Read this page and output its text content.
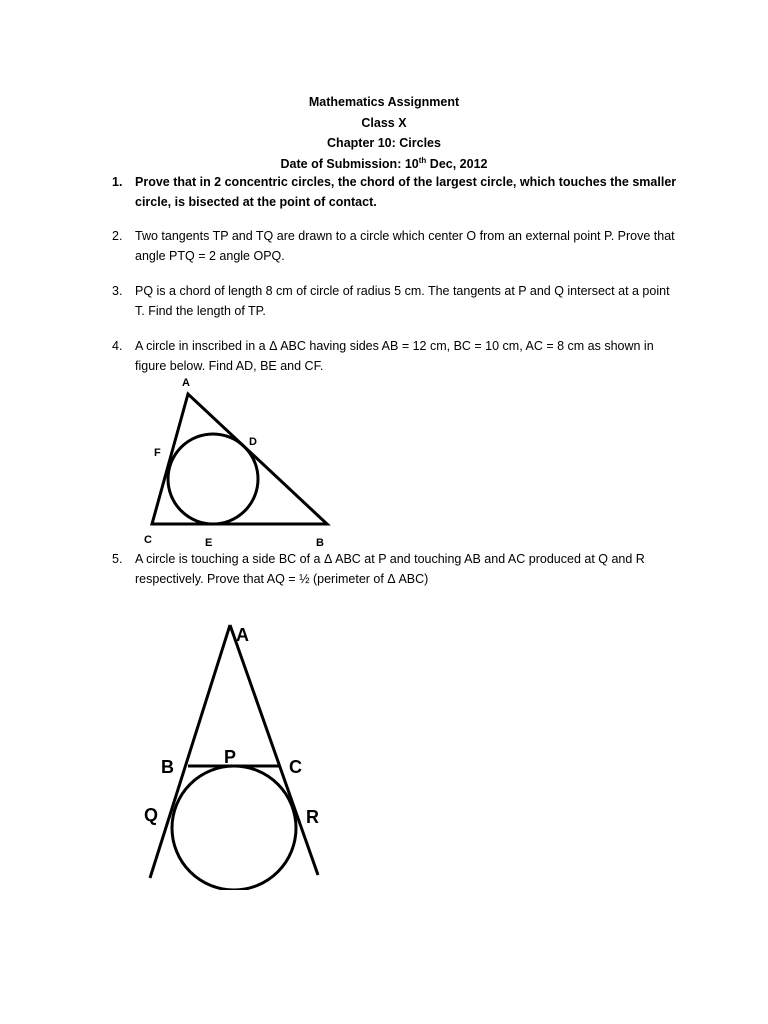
Mathematics Assignment
Class X
Chapter 10: Circles
Date of Submission: 10th Dec, 2012
1. Prove that in 2 concentric circles, the chord of the largest circle, which touches the smaller circle, is bisected at the point of contact.
2. Two tangents TP and TQ are drawn to a circle which center O from an external point P. Prove that angle PTQ = 2 angle OPQ.
3. PQ is a chord of length 8 cm of circle of radius 5 cm. The tangents at P and Q intersect at a point T. Find the length of TP.
4. A circle in inscribed in a Δ ABC having sides AB = 12 cm, BC = 10 cm, AC = 8 cm as shown in figure below. Find AD, BE and CF.
A
D
F
C	E	B
5. A circle is touching a side BC of a Δ ABC at P and touching AB and AC produced at Q and R respectively. Prove that AQ = ½ (perimeter of Δ ABC)
A
B	P	C
Q	R
